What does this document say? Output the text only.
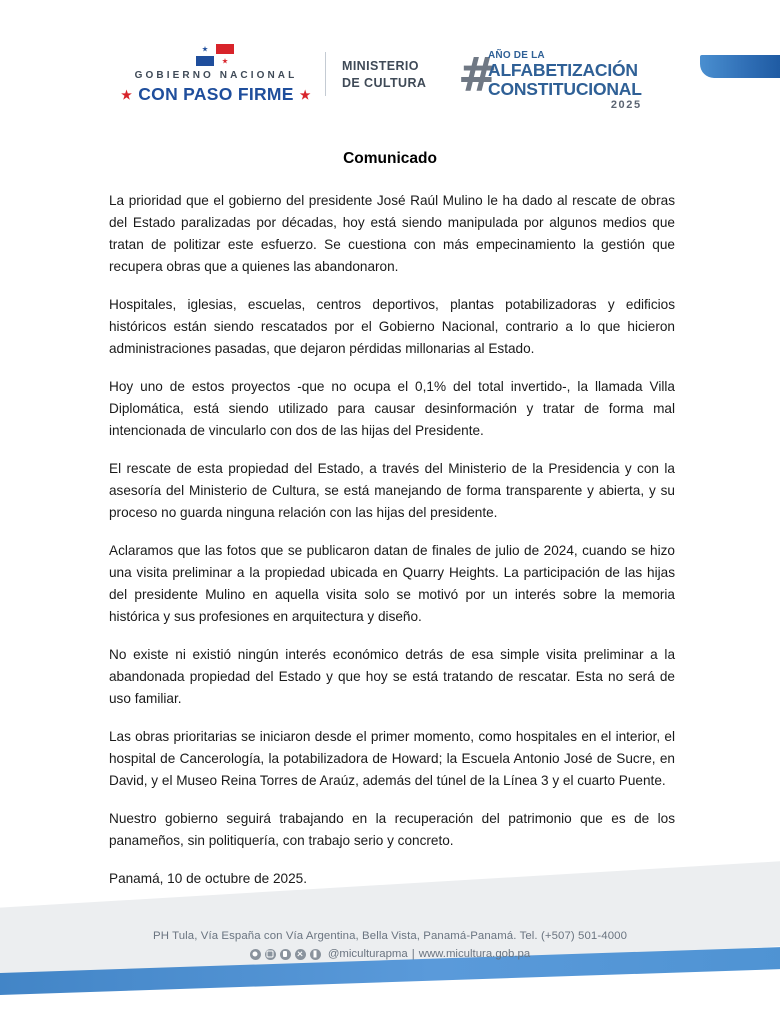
GOBIERNO NACIONAL
★ CON PASO FIRME ★
MINISTERIO
DE CULTURA #
AÑO DE LA
ALFABETIZACIÓN
CONSTITUCIONAL
2025
Comunicado

La prioridad que el gobierno del presidente José Raúl Mulino le ha dado al rescate de obras del Estado paralizadas por décadas, hoy está siendo manipulada por algunos medios que tratan de politizar este esfuerzo. Se cuestiona con más empecinamiento la gestión que recupera obras que a quienes las abandonaron.

Hospitales, iglesias, escuelas, centros deportivos, plantas potabilizadoras y edificios históricos están siendo rescatados por el Gobierno Nacional, contrario a lo que hicieron administraciones pasadas, que dejaron pérdidas millonarias al Estado.

Hoy uno de estos proyectos -que no ocupa el 0,1% del total invertido-, la llamada Villa Diplomática, está siendo utilizado para causar desinformación y tratar de forma mal intencionada de vincularlo con dos de las hijas del Presidente.

El rescate de esta propiedad del Estado, a través del Ministerio de la Presidencia y con la asesoría del Ministerio de Cultura, se está manejando de forma transparente y abierta, y su proceso no guarda ninguna relación con las hijas del presidente.

Aclaramos que las fotos que se publicaron datan de finales de julio de 2024, cuando se hizo una visita preliminar a la propiedad ubicada en Quarry Heights. La participación de las hijas del presidente Mulino en aquella visita solo se motivó por un interés sobre la memoria histórica y sus profesiones en arquitectura y diseño.

No existe ni existió ningún interés económico detrás de esa simple visita preliminar a la abandonada propiedad del Estado y que hoy se está tratando de rescatar. Esta no será de uso familiar.

Las obras prioritarias se iniciaron desde el primer momento, como hospitales en el interior, el hospital de Cancerología, la potabilizadora de Howard; la Escuela Antonio José de Sucre, en David, y el Museo Reina Torres de Araúz, además del túnel de la Línea 3 y el cuarto Puente.

Nuestro gobierno seguirá trabajando en la recuperación del patrimonio que es de los panameños, sin politiquería, con trabajo serio y concreto.

Panamá, 10 de octubre de 2025.

PH Tula, Vía España con Vía Argentina, Bella Vista, Panamá-Panamá. Tel. (+507) 501-4000
@miculturapma | www.micultura.gob.pa
